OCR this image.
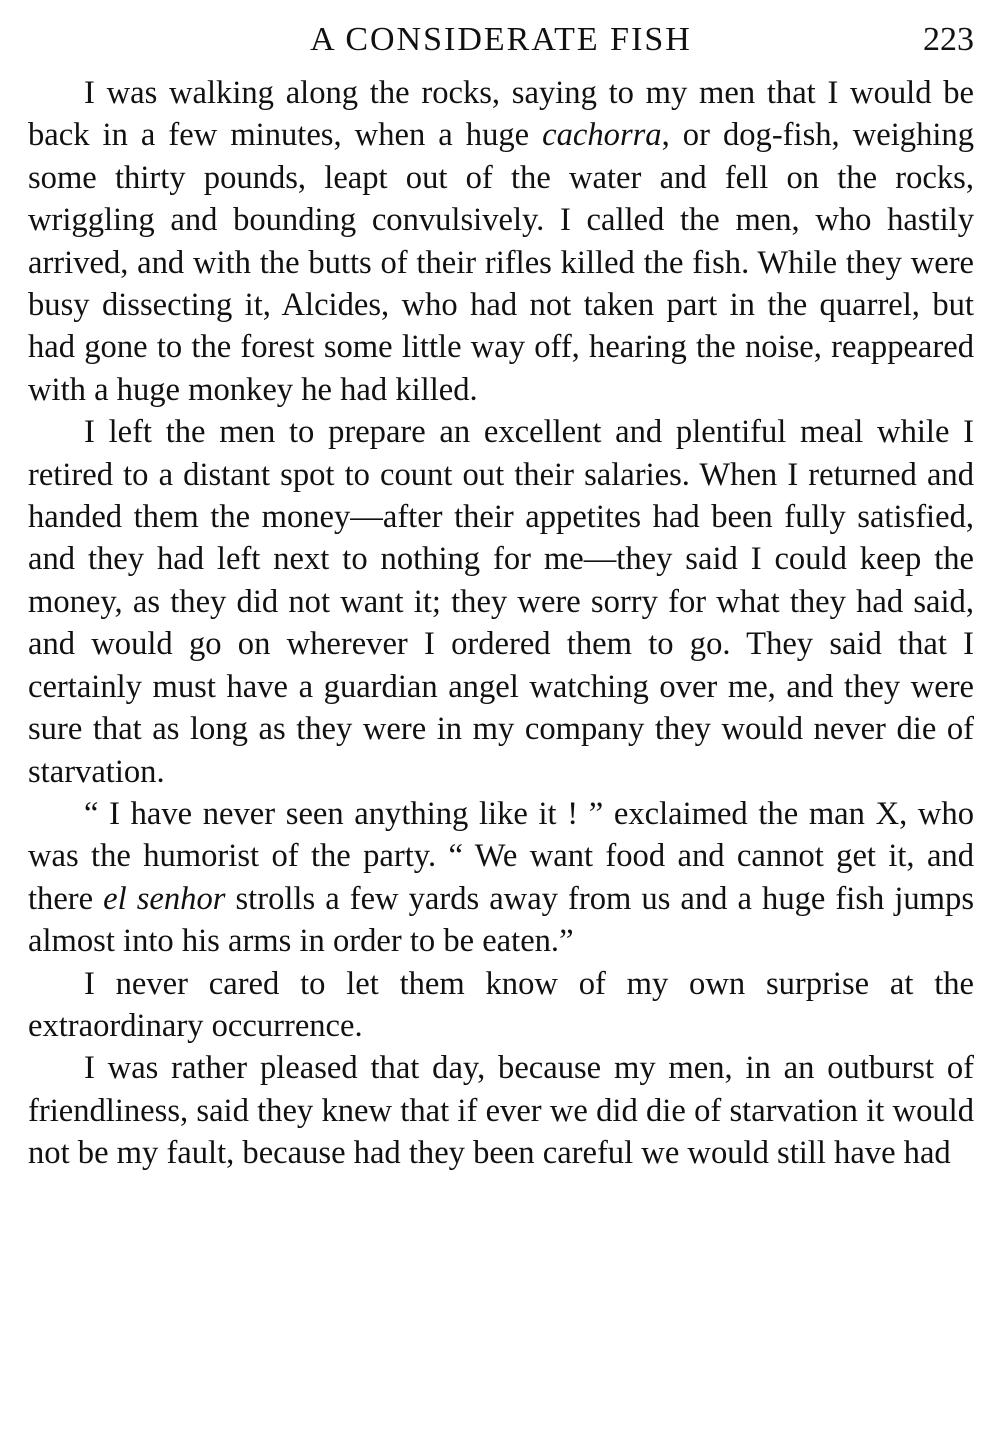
A CONSIDERATE FISH	223

I was walking along the rocks, saying to my men that I would be back in a few minutes, when a huge cachorra, or dog-fish, weighing some thirty pounds, leapt out of the water and fell on the rocks, wriggling and bounding convulsively. I called the men, who hastily arrived, and with the butts of their rifles killed the fish. While they were busy dissecting it, Alcides, who had not taken part in the quarrel, but had gone to the forest some little way off, hearing the noise, reappeared with a huge monkey he had killed.

I left the men to prepare an excellent and plentiful meal while I retired to a distant spot to count out their salaries. When I returned and handed them the money—after their appetites had been fully satisfied, and they had left next to nothing for me—they said I could keep the money, as they did not want it; they were sorry for what they had said, and would go on wherever I ordered them to go. They said that I certainly must have a guardian angel watching over me, and they were sure that as long as they were in my company they would never die of starvation.

“ I have never seen anything like it ! ” exclaimed the man X, who was the humorist of the party. “ We want food and cannot get it, and there el senhor strolls a few yards away from us and a huge fish jumps almost into his arms in order to be eaten.”

I never cared to let them know of my own surprise at the extraordinary occurrence.

I was rather pleased that day, because my men, in an outburst of friendliness, said they knew that if ever we did die of starvation it would not be my fault, because had they been careful we would still have had
